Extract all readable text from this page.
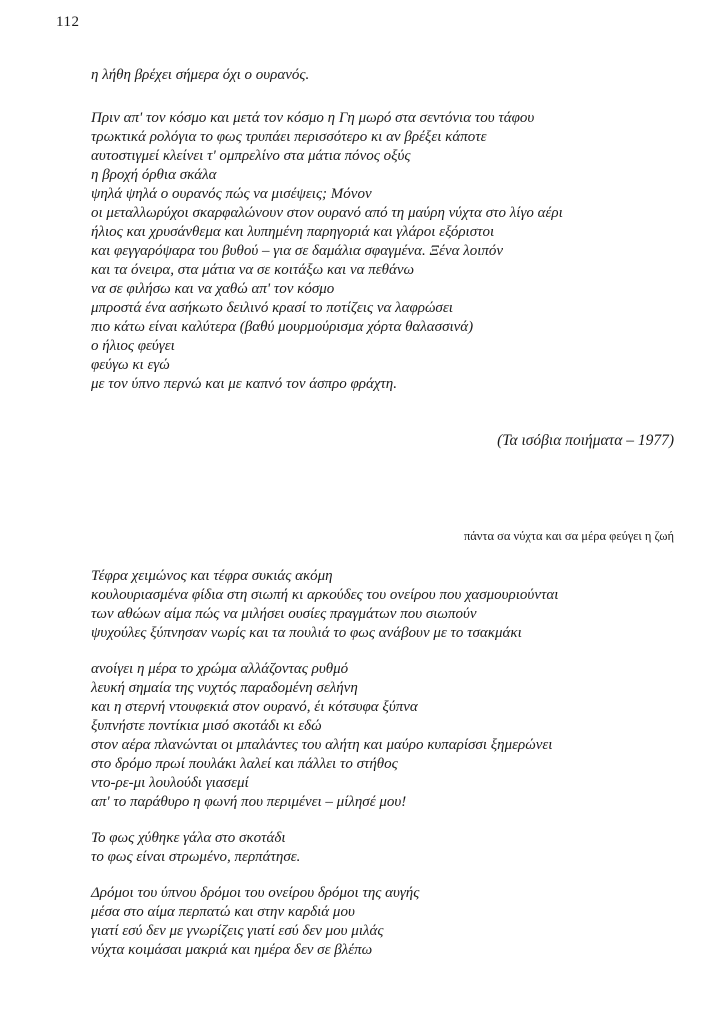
112
η λήθη βρέχει σήμερα όχι ο ουρανός.
Πριν απ' τον κόσμο και μετά τον κόσμο η Γη μωρό στα σεντόνια του τάφου
τρωκτικά ρολόγια το φως τρυπάει περισσότερο κι αν βρέξει κάποτε
αυτοστιγμεί κλείνει τ' ομπρελίνο στα μάτια πόνος οξύς
η βροχή όρθια σκάλα
ψηλά ψηλά ο ουρανός πώς να μισέψεις; Μόνον
οι μεταλλωρύχοι σκαρφαλώνουν στον ουρανό από τη μαύρη νύχτα στο λίγο αέρι
ήλιος και χρυσάνθεμα και λυπημένη παρηγοριά και γλάροι εξόριστοι
και φεγγαρόψαρα του βυθού – για σε δαμάλια σφαγμένα. Ξένα λοιπόν
και τα όνειρα, στα μάτια να σε κοιτάξω και να πεθάνω
να σε φιλήσω και να χαθώ απ' τον κόσμο
μπροστά ένα ασήκωτο δειλινό κρασί το ποτίζεις να λαφρώσει
πιο κάτω είναι καλύτερα (βαθύ μουρμούρισμα χόρτα θαλασσινά)
ο ήλιος φεύγει
φεύγω κι εγώ
με τον ύπνο περνώ και με καπνό τον άσπρο φράχτη.
(Τα ισόβια ποιήματα – 1977)
πάντα σα νύχτα και σα μέρα φεύγει η ζωή
Τέφρα χειμώνος και τέφρα συκιάς ακόμη
κουλουριασμένα φίδια στη σιωπή κι αρκούδες του ονείρου που χασμουριούνται
των αθώων αίμα πώς να μιλήσει ουσίες πραγμάτων που σιωπούν
ψυχούλες ξύπνησαν νωρίς και τα πουλιά το φως ανάβουν με το τσακμάκι
ανοίγει η μέρα το χρώμα αλλάζοντας ρυθμό
λευκή σημαία της νυχτός παραδομένη σελήνη
και η στερνή ντουφεκιά στον ουρανό, έι κότσυφα ξύπνα
ξυπνήστε ποντίκια μισό σκοτάδι κι εδώ
στον αέρα πλανώνται οι μπαλάντες του αλήτη και μαύρο κυπαρίσσι ξημερώνει
στο δρόμο πρωί πουλάκι λαλεί και πάλλει το στήθος
ντο-ρε-μι λουλούδι γιασεμί
απ' το παράθυρο η φωνή που περιμένει – μίλησέ μου!
Το φως χύθηκε γάλα στο σκοτάδι
το φως είναι στρωμένο, περπάτησε.
Δρόμοι του ύπνου δρόμοι του ονείρου δρόμοι της αυγής
μέσα στο αίμα περπατώ και στην καρδιά μου
γιατί εσύ δεν με γνωρίζεις γιατί εσύ δεν μου μιλάς
νύχτα κοιμάσαι μακριά και ημέρα δεν σε βλέπω
